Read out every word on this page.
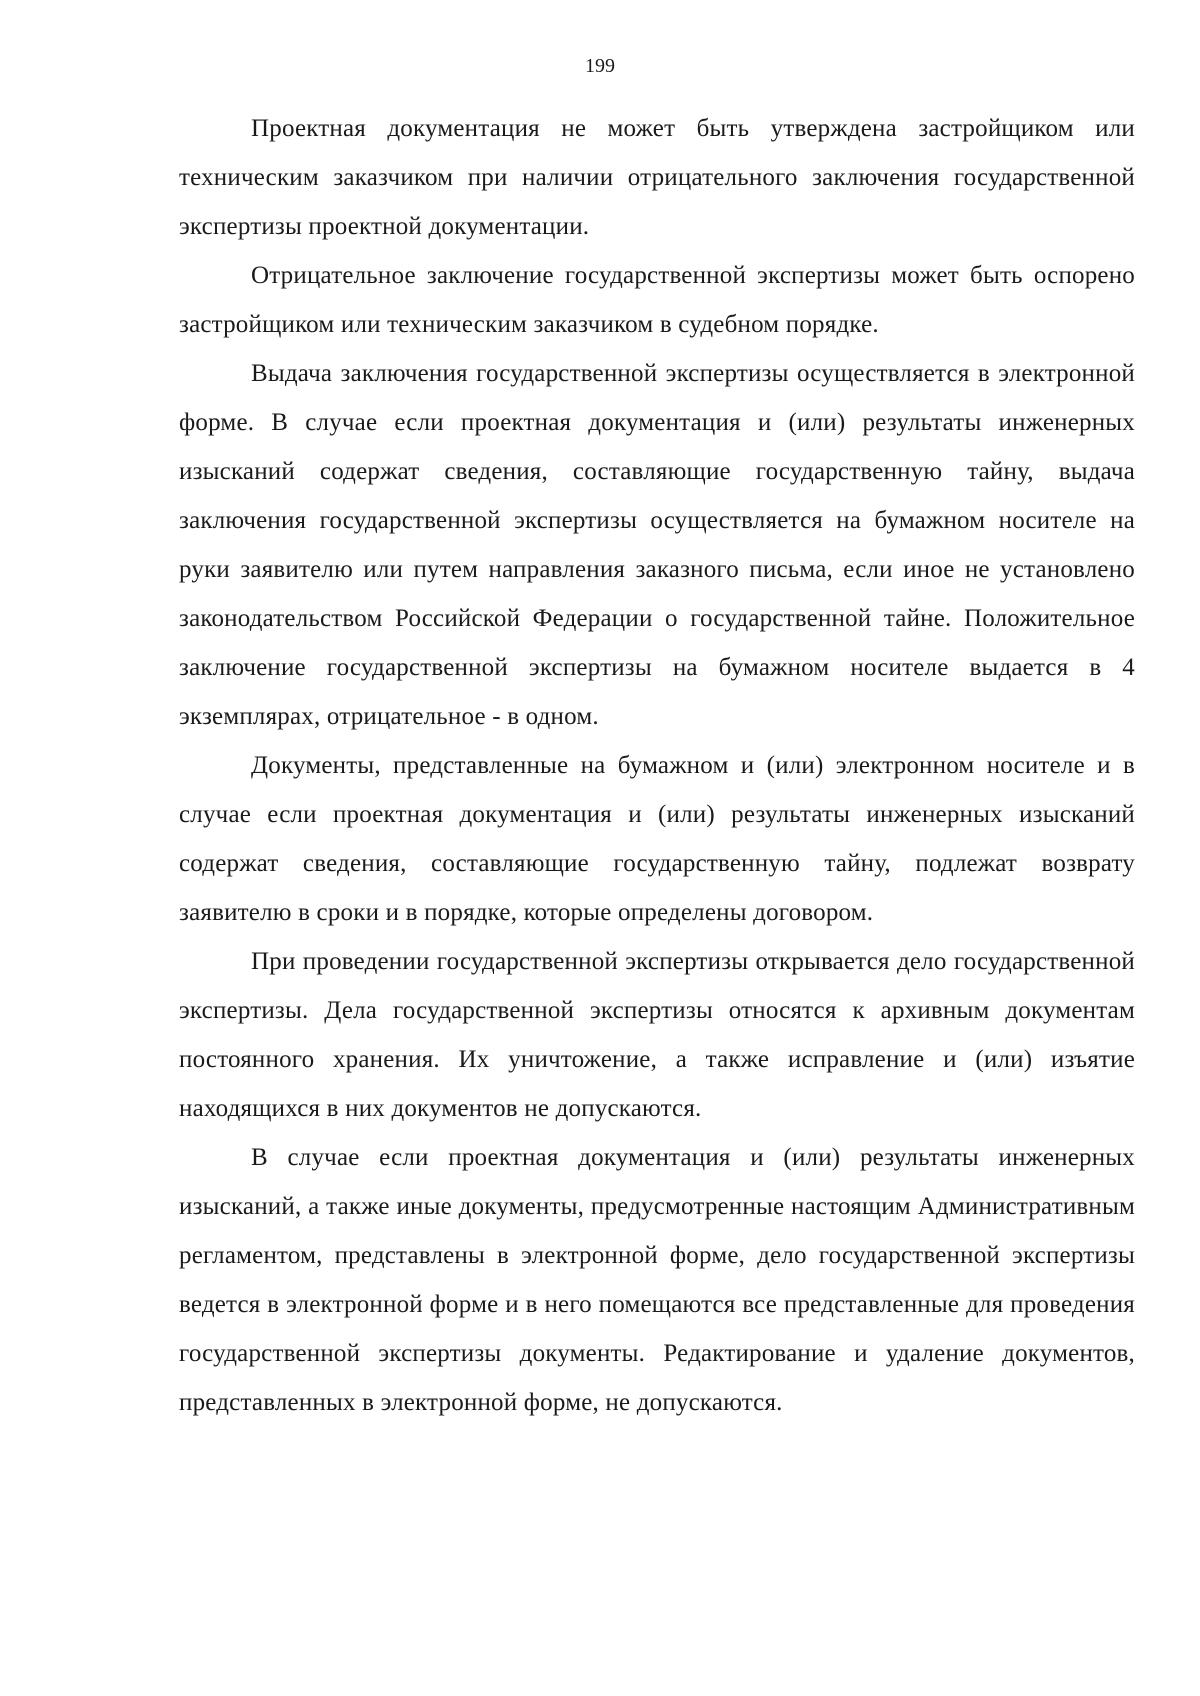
199

Проектная документация не может быть утверждена застройщиком или техническим заказчиком при наличии отрицательного заключения государственной экспертизы проектной документации.

Отрицательное заключение государственной экспертизы может быть оспорено застройщиком или техническим заказчиком в судебном порядке.

Выдача заключения государственной экспертизы осуществляется в электронной форме. В случае если проектная документация и (или) результаты инженерных изысканий содержат сведения, составляющие государственную тайну, выдача заключения государственной экспертизы осуществляется на бумажном носителе на руки заявителю или путем направления заказного письма, если иное не установлено законодательством Российской Федерации о государственной тайне. Положительное заключение государственной экспертизы на бумажном носителе выдается в 4 экземплярах, отрицательное - в одном.

Документы, представленные на бумажном и (или) электронном носителе и в случае если проектная документация и (или) результаты инженерных изысканий содержат сведения, составляющие государственную тайну, подлежат возврату заявителю в сроки и в порядке, которые определены договором.

При проведении государственной экспертизы открывается дело государственной экспертизы. Дела государственной экспертизы относятся к архивным документам постоянного хранения. Их уничтожение, а также исправление и (или) изъятие находящихся в них документов не допускаются.

В случае если проектная документация и (или) результаты инженерных изысканий, а также иные документы, предусмотренные настоящим Административным регламентом, представлены в электронной форме, дело государственной экспертизы ведется в электронной форме и в него помещаются все представленные для проведения государственной экспертизы документы. Редактирование и удаление документов, представленных в электронной форме, не допускаются.
